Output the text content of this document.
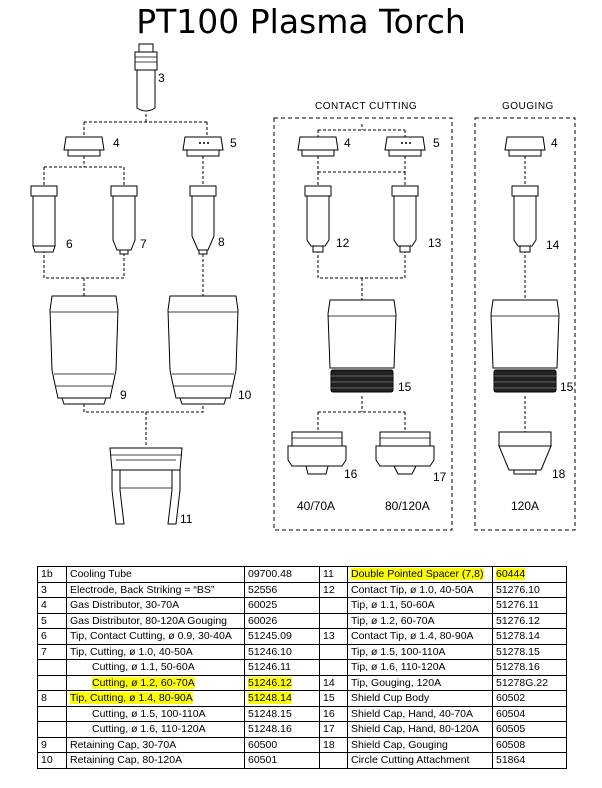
PT100 Plasma Torch
3
4	5
6	7	8
9	10
11
CONTACT CUTTING
4	5
12	13
15
16
40/70A
17
80/120A
GOUGING
4
14
15
18
120A
1b	Cooling Tube	09700.48	11	Double Pointed Spacer (7,8)	60444
3	Electrode, Back Striking = “BS”	52556	12	Contact Tip, ø 1.0, 40-50A	51276.10
4	Gas Distributor, 30-70A	60025		Tip, ø 1.1, 50-60A	51276.11
5	Gas Distributor, 80-120A Gouging	60026		Tip, ø 1.2, 60-70A	51276.12
6	Tip, Contact Cutting, ø 0.9, 30-40A	51245.09	13	Contact Tip, ø 1.4, 80-90A	51278.14
7	Tip, Cutting, ø 1.0, 40-50A	51246.10		Tip, ø 1.5, 100-110A	51278.15
	Cutting, ø 1.1, 50-60A	51246.11		Tip, ø 1.6, 110-120A	51278.16
	Cutting, ø 1.2, 60-70A	51246.12	14	Tip, Gouging, 120A	51278G.22
8	Tip, Cutting, ø 1.4, 80-90A	51248.14	15	Shield Cup Body	60502
	Cutting, ø 1.5, 100-110A	51248.15	16	Shield Cap, Hand, 40-70A	60504
	Cutting, ø 1.6, 110-120A	51248.16	17	Shield Cap, Hand, 80-120A	60505
9	Retaining Cap, 30-70A	60500	18	Shield Cap, Gouging	60508
10	Retaining Cap, 80-120A	60501		Circle Cutting Attachment	51864
